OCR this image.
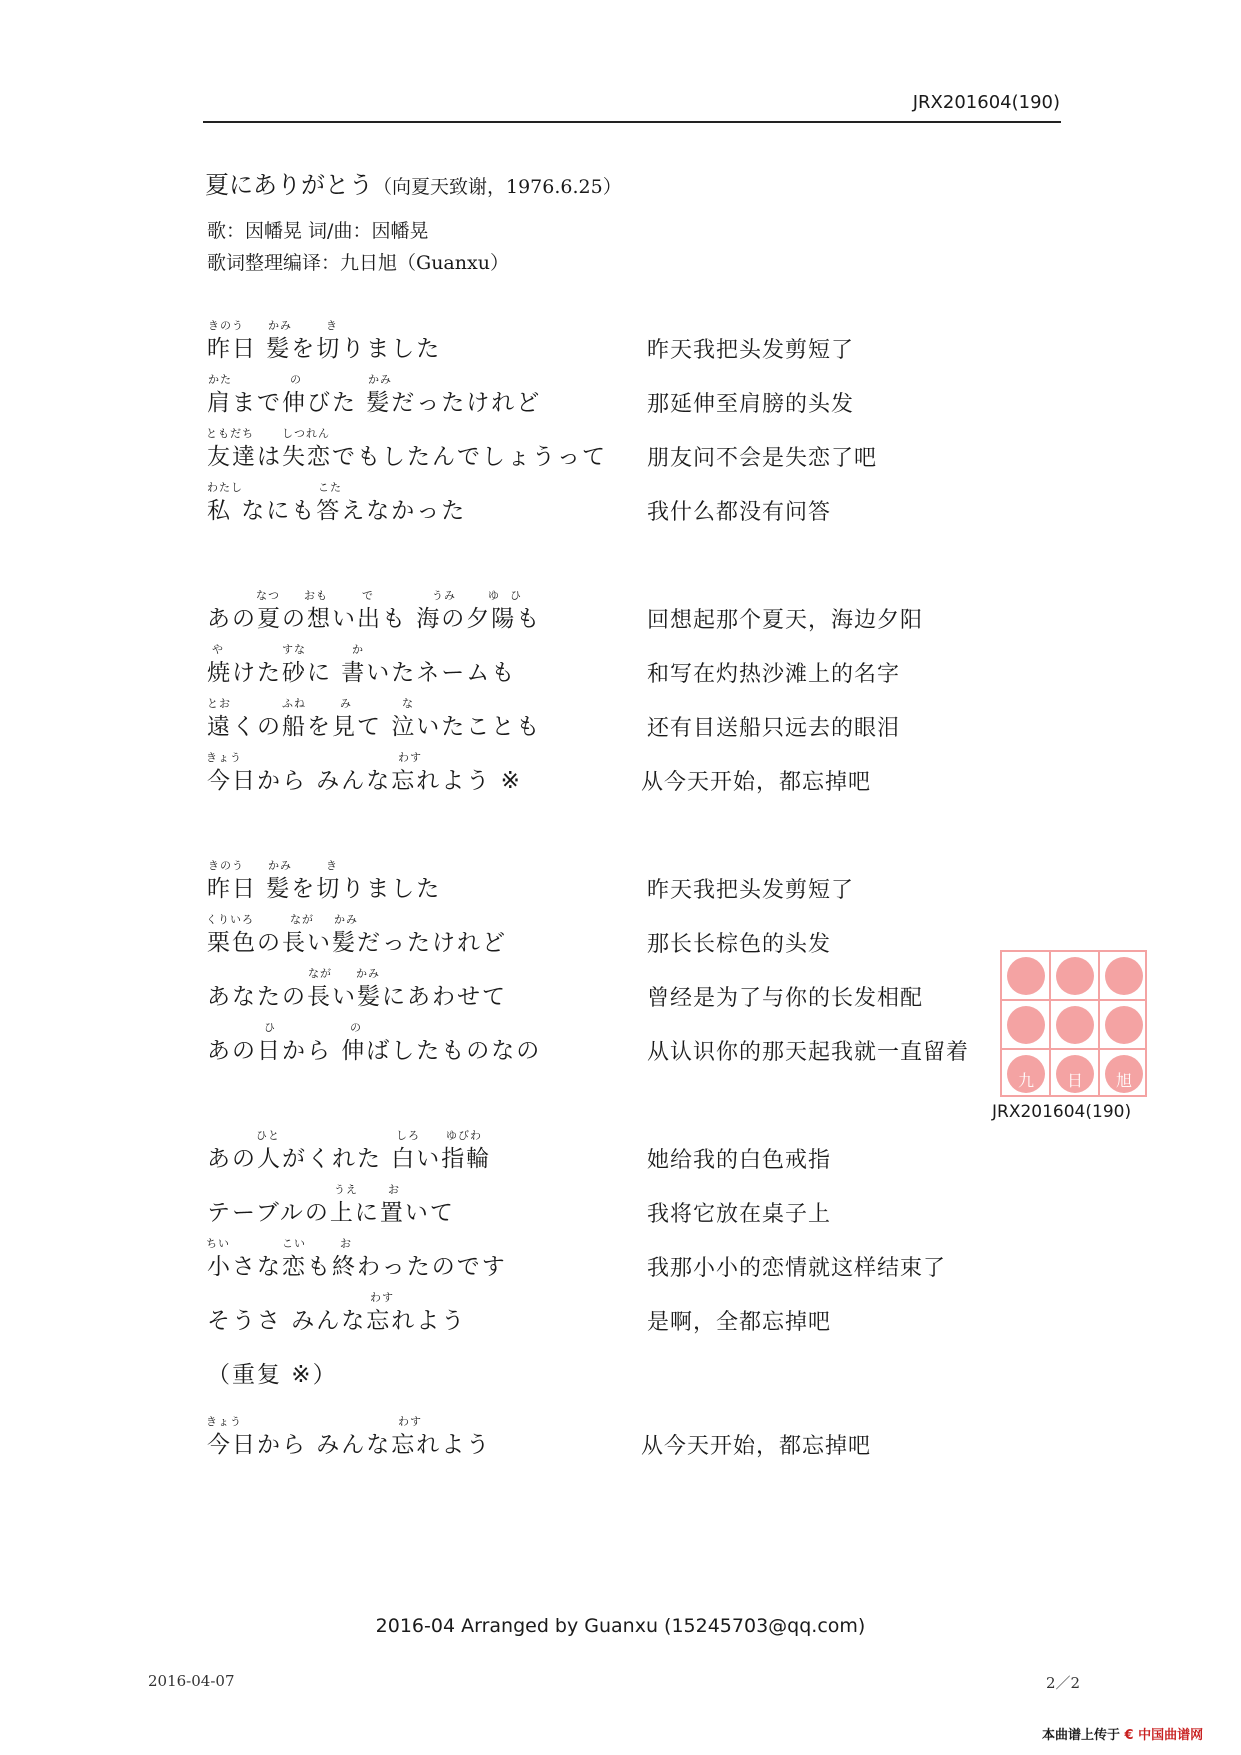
JRX201604(190)
夏にありがとう（向夏天致谢，1976.6.25）
歌：因幡晃 词/曲：因幡晃
歌词整理编译：九日旭（Guanxu）
きのう かみ	き
昨日 髪を切りました	昨天我把头发剪短了
かた	の	かみ
肩まで伸びた 髪だったけれど	那延伸至肩膀的头发
ともだち	しつれん
友達は失恋でもしたんでしょうって 朋友问不会是失恋了吧
わたし	こた
私 なにも答えなかった	我什么都没有问答
なつ おも	で	うみ	ゆ ひ
あの夏の想い出も 海の夕陽も	回想起那个夏天，海边夕阳
や	すな	か
焼けた砂に 書いたネームも	和写在灼热沙滩上的名字
とお	ふね	み	な
遠くの船を見て 泣いたことも	还有目送船只远去的眼泪
きょう	わす
今日から みんな忘れよう ※	从今天开始，都忘掉吧
きのう かみ	き
昨日 髪を切りました	昨天我把头发剪短了
くりいろ	なが かみ
栗色の長い髪だったけれど	那长长棕色的头发
なが かみ
あなたの長い髪にあわせて	曾经是为了与你的长发相配
ひ	の
あの日から 伸ばしたものなの	从认识你的那天起我就一直留着
ひと	しろ ゆびわ
あの人がくれた 白い指輪	她给我的白色戒指
うえ	お
テーブルの上に置いて	我将它放在桌子上
ちい	こい	お
小さな恋も終わったのです	我那小小的恋情就这样结束了
わす
そうさ みんな忘れよう	是啊，全都忘掉吧
（重复 ※）
きょう	わす
今日から みんな忘れよう	从今天开始，都忘掉吧
九	日	旭
JRX201604(190)
2016-04 Arranged by Guanxu (15245703@qq.com)
2016-04-07	2／2
本曲谱上传于 € 中国曲谱网
